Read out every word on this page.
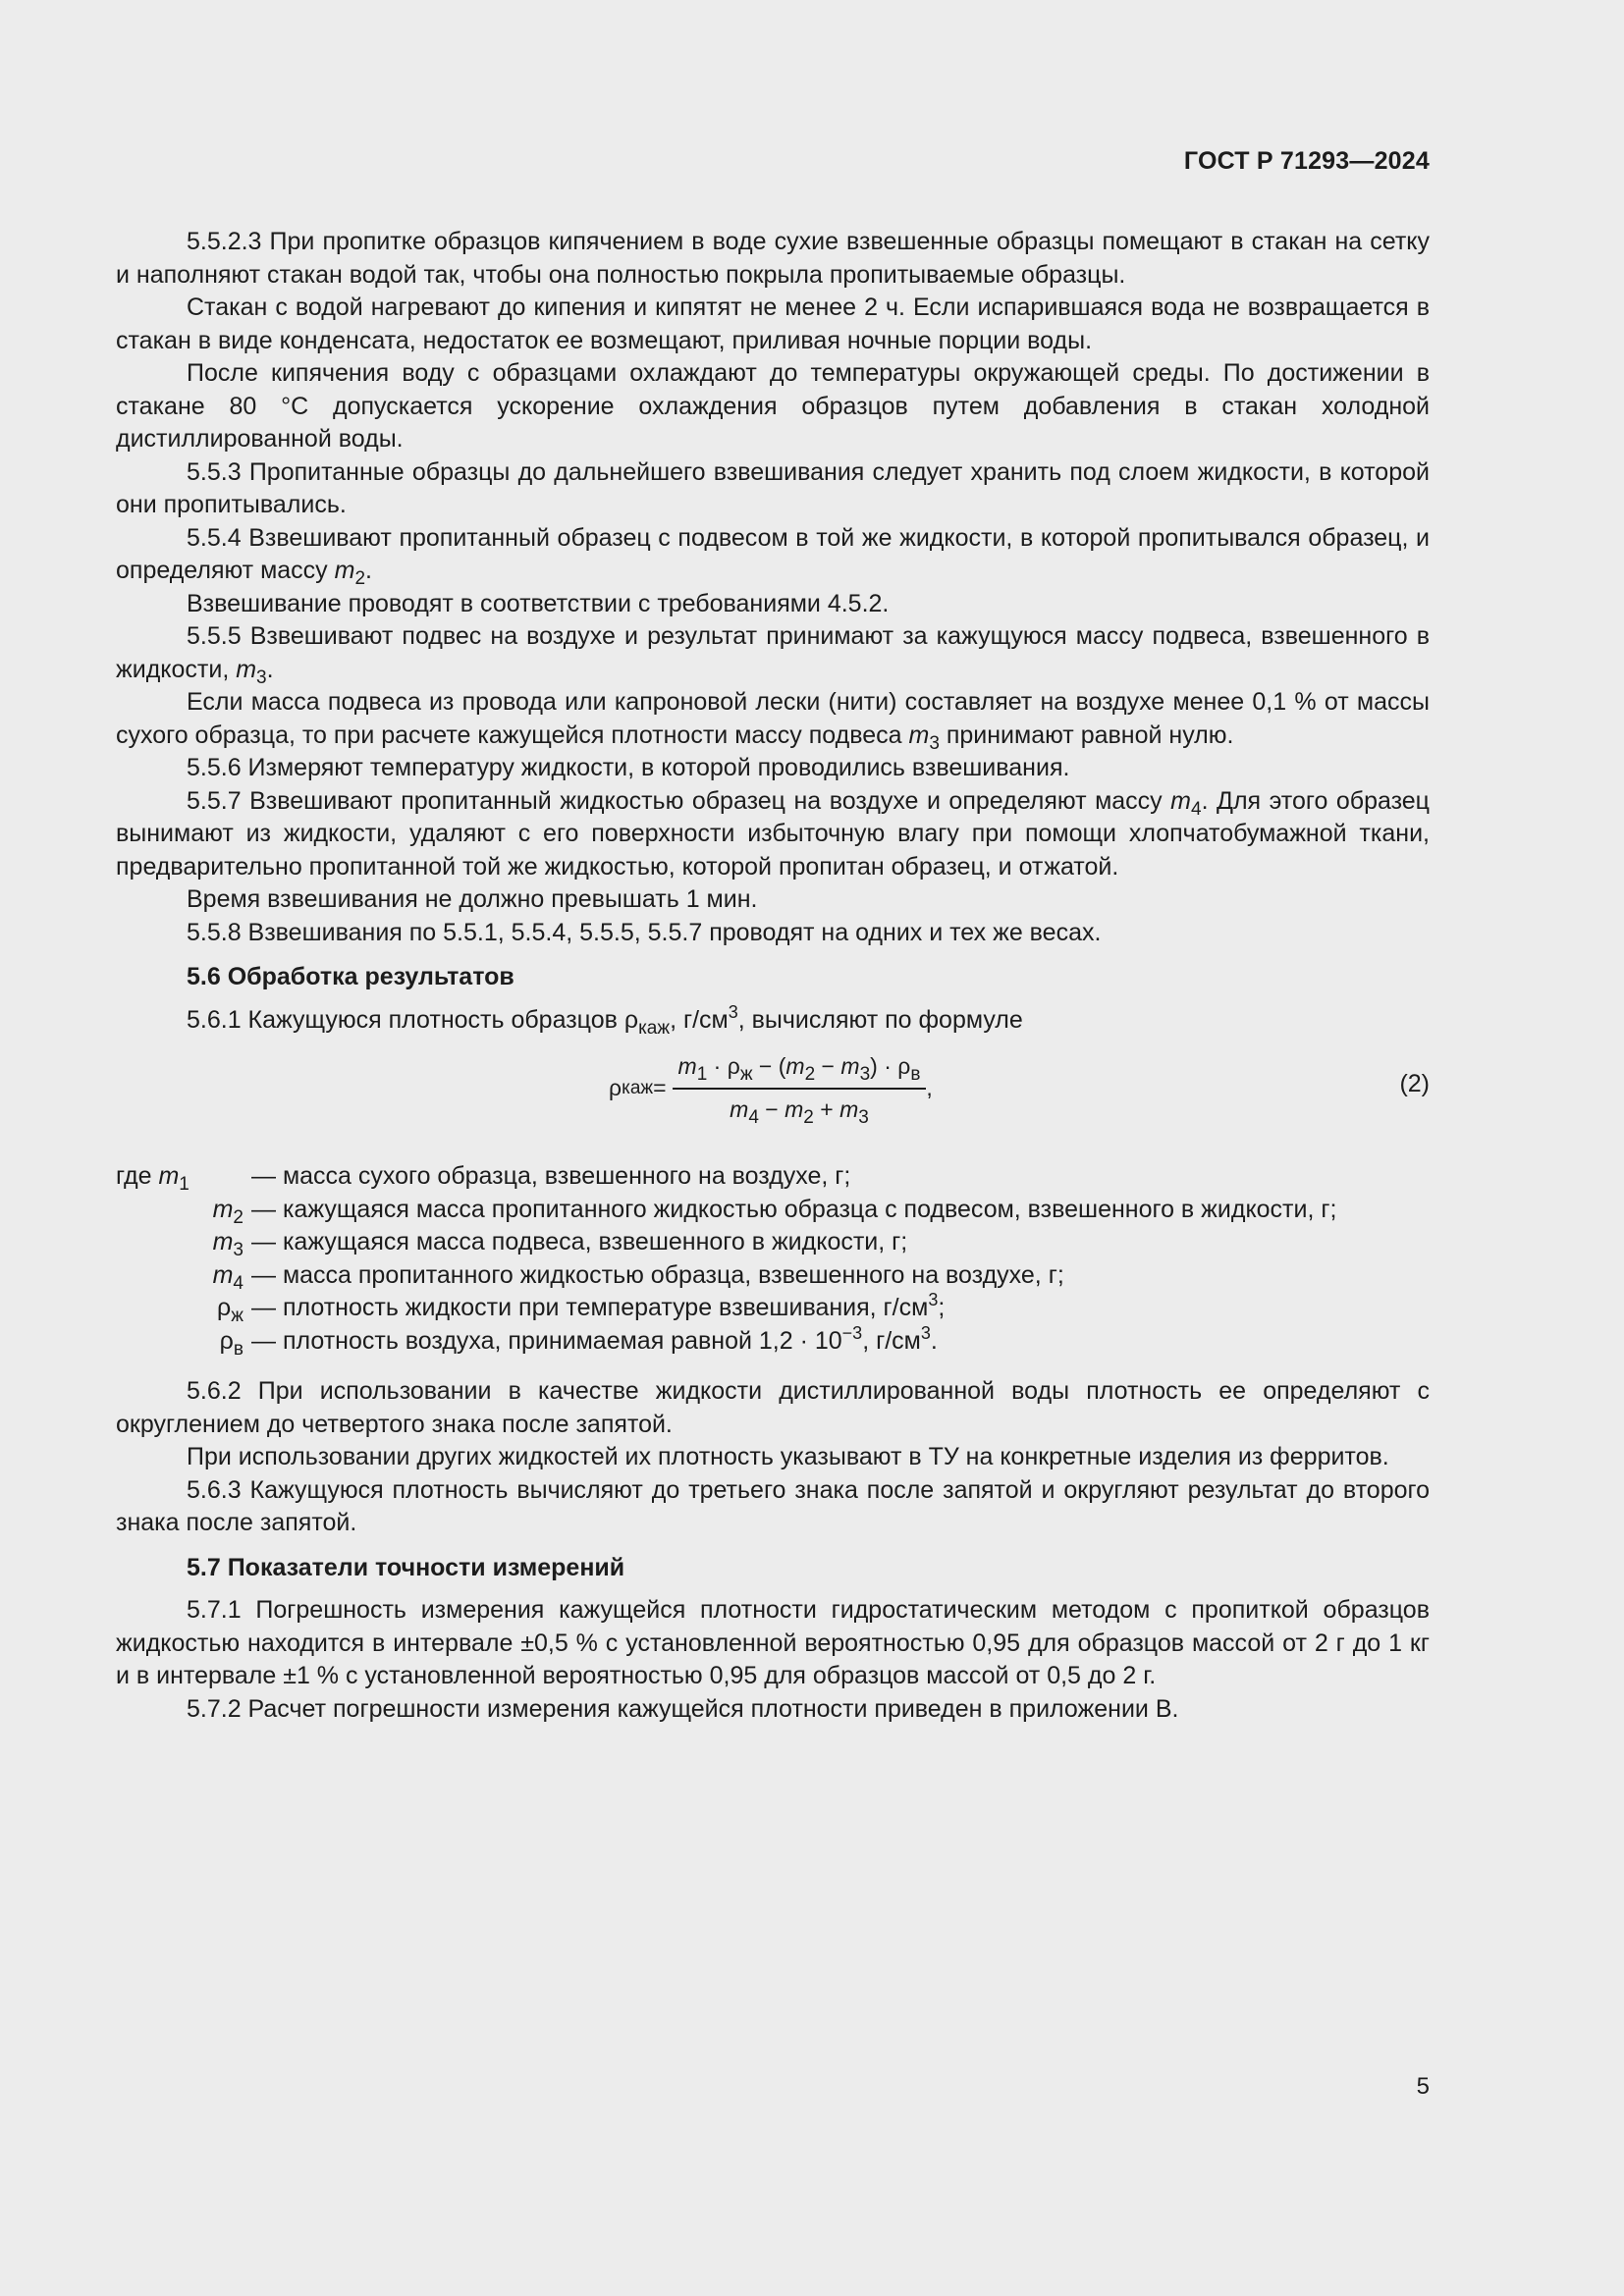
ГОСТ Р 71293—2024

5.5.2.3 При пропитке образцов кипячением в воде сухие взвешенные образцы помещают в стакан на сетку и наполняют стакан водой так, чтобы она полностью покрыла пропитываемые образцы.

Стакан с водой нагревают до кипения и кипятят не менее 2 ч. Если испарившаяся вода не возвращается в стакан в виде конденсата, недостаток ее возмещают, приливая ночные порции воды.

После кипячения воду с образцами охлаждают до температуры окружающей среды. По достижении в стакане 80 °С допускается ускорение охлаждения образцов путем добавления в стакан холодной дистиллированной воды.

5.5.3 Пропитанные образцы до дальнейшего взвешивания следует хранить под слоем жидкости, в которой они пропитывались.

5.5.4 Взвешивают пропитанный образец с подвесом в той же жидкости, в которой пропитывался образец, и определяют массу $m_2$.

Взвешивание проводят в соответствии с требованиями 4.5.2.

5.5.5 Взвешивают подвес на воздухе и результат принимают за кажущуюся массу подвеса, взвешенного в жидкости, $m_3$.

Если масса подвеса из провода или капроновой лески (нити) составляет на воздухе менее 0,1 % от массы сухого образца, то при расчете кажущейся плотности массу подвеса $m_3$ принимают равной нулю.

5.5.6 Измеряют температуру жидкости, в которой проводились взвешивания.

5.5.7 Взвешивают пропитанный жидкостью образец на воздухе и определяют массу $m_4$. Для этого образец вынимают из жидкости, удаляют с его поверхности избыточную влагу при помощи хлопчатобумажной ткани, предварительно пропитанной той же жидкостью, которой пропитан образец, и отжатой.

Время взвешивания не должно превышать 1 мин.

5.5.8 Взвешивания по 5.5.1, 5.5.4, 5.5.5, 5.5.7 проводят на одних и тех же весах.

5.6 Обработка результатов

5.6.1 Кажущуюся плотность образцов $\rho_{каж}$, $г/см^3$, вычисляют по формуле

ρ каж = $\frac{m_1 \cdot \rho_ж - (m_2 - m_3) \cdot \rho_в}{m_4 - m_2 + m_3}$ ,	(2)
где $m_1$	— масса сухого образца, взвешенного на воздухе, г;
$m_2$ — кажущаяся масса пропитанного жидкостью образца с подвесом, взвешенного в жидкости, г;
$m_3$ — кажущаяся масса подвеса, взвешенного в жидкости, г;
$m_4$ — масса пропитанного жидкостью образца, взвешенного на воздухе, г;
$\rho_ж$ — плотность жидкости при температуре взвешивания, $г/см^3$;
$\rho_в$ — плотность воздуха, принимаемая равной $1,2 \cdot 10^{-3}$, $г/см^3$.

5.6.2 При использовании в качестве жидкости дистиллированной воды плотность ее определяют с округлением до четвертого знака после запятой.

При использовании других жидкостей их плотность указывают в ТУ на конкретные изделия из ферритов.

5.6.3 Кажущуюся плотность вычисляют до третьего знака после запятой и округляют результат до второго знака после запятой.

5.7 Показатели точности измерений

5.7.1 Погрешность измерения кажущейся плотности гидростатическим методом с пропиткой образцов жидкостью находится в интервале ±0,5 % с установленной вероятностью 0,95 для образцов массой от 2 г до 1 кг и в интервале ±1 % с установленной вероятностью 0,95 для образцов массой от 0,5 до 2 г.

5.7.2 Расчет погрешности измерения кажущейся плотности приведен в приложении В.

5
